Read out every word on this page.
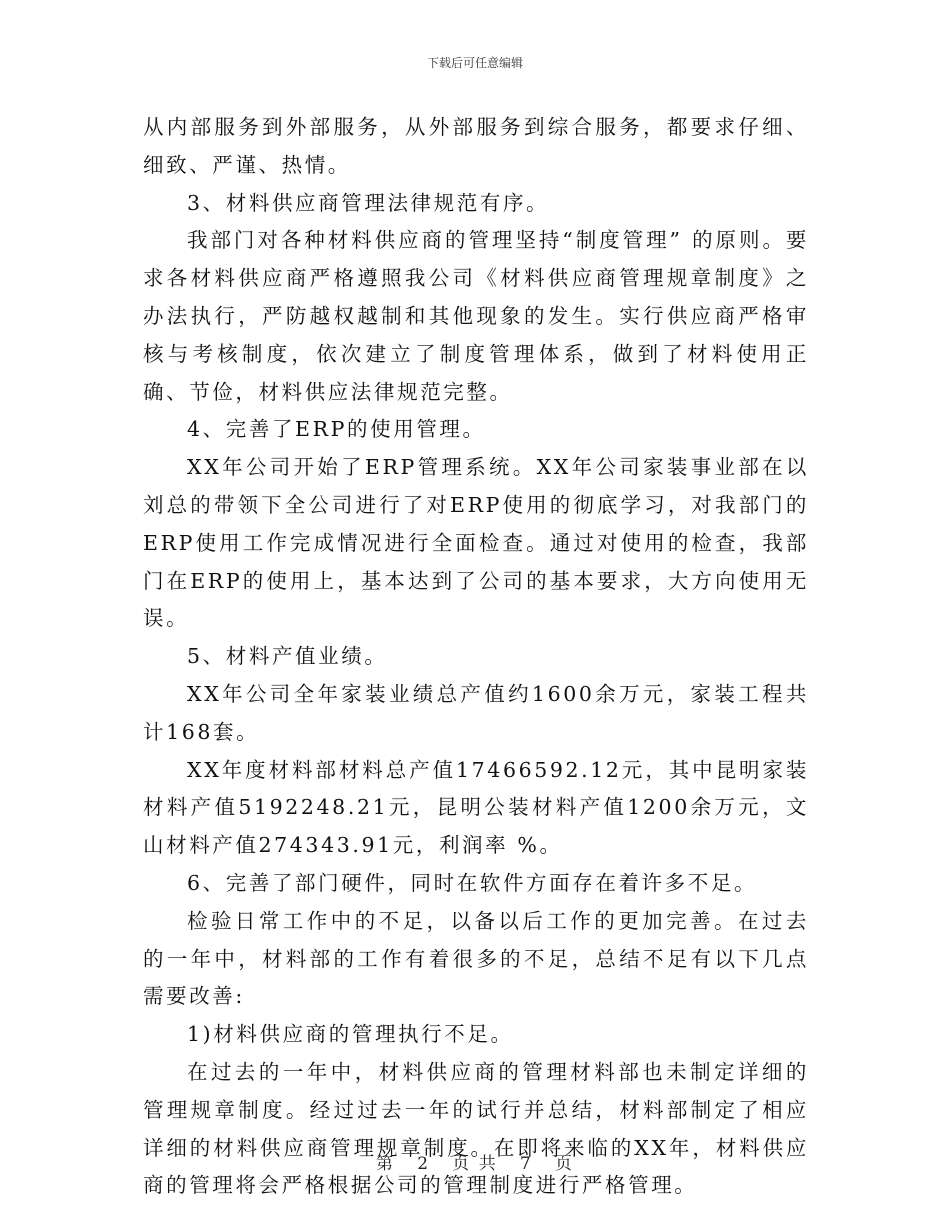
下载后可任意编辑

从内部服务到外部服务，从外部服务到综合服务，都要求仔细、细致、严谨、热情。

3、材料供应商管理法律规范有序。

我部门对各种材料供应商的管理坚持“制度管理” 的原则。要求各材料供应商严格遵照我公司《材料供应商管理规章制度》之办法执行，严防越权越制和其他现象的发生。实行供应商严格审核与考核制度，依次建立了制度管理体系，做到了材料使用正确、节俭，材料供应法律规范完整。

4、完善了ERP的使用管理。

XX年公司开始了ERP管理系统。XX年公司家装事业部在以刘总的带领下全公司进行了对ERP使用的彻底学习，对我部门的ERP使用工作完成情况进行全面检查。通过对使用的检查，我部门在ERP的使用上，基本达到了公司的基本要求，大方向使用无误。

5、材料产值业绩。

XX年公司全年家装业绩总产值约1600余万元，家装工程共计168套。

XX年度材料部材料总产值17466592.12元，其中昆明家装材料产值5192248.21元，昆明公装材料产值1200余万元，文山材料产值274343.91元，利润率 %。

6、完善了部门硬件，同时在软件方面存在着许多不足。

检验日常工作中的不足，以备以后工作的更加完善。在过去的一年中，材料部的工作有着很多的不足，总结不足有以下几点需要改善:

1)材料供应商的管理执行不足。

在过去的一年中，材料供应商的管理材料部也未制定详细的管理规章制度。经过过去一年的试行并总结，材料部制定了相应详细的材料供应商管理规章制度。在即将来临的XX年，材料供应商的管理将会严格根据公司的管理制度进行严格管理。

第 2 页 共 7 页
